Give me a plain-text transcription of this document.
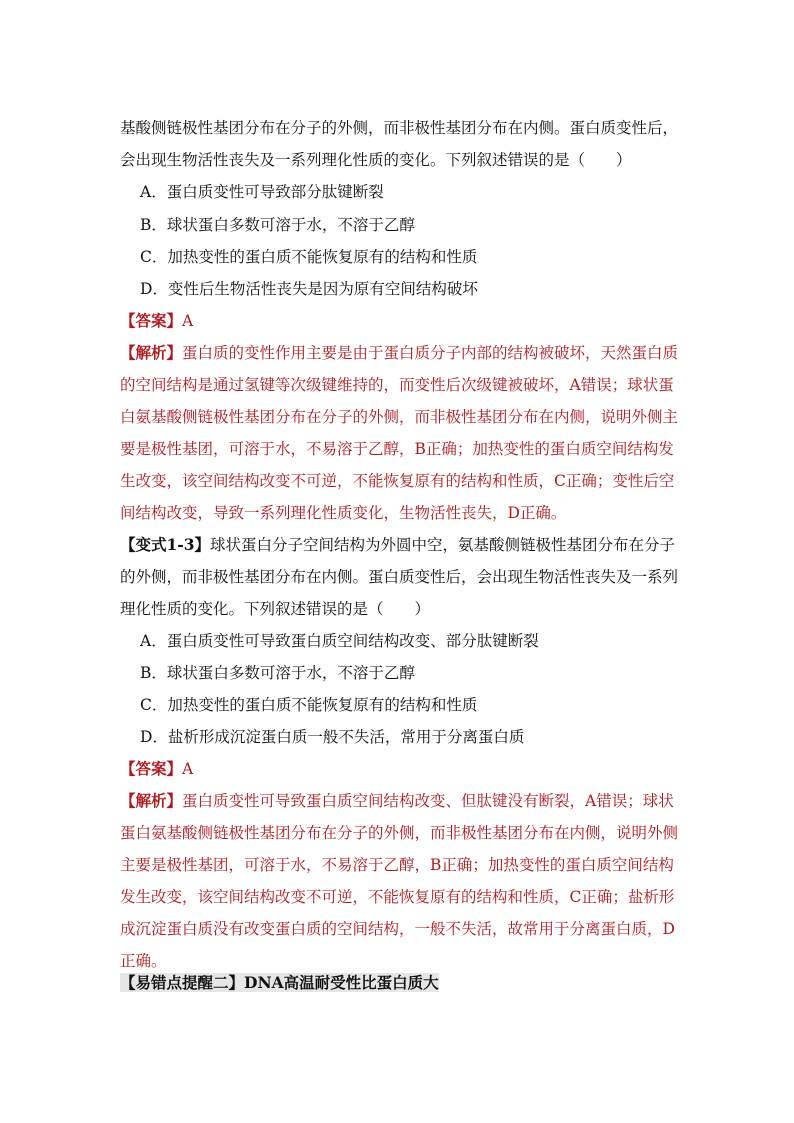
基酸侧链极性基团分布在分子的外侧，而非极性基团分布在内侧。蛋白质变性后，
会出现生物活性丧失及一系列理化性质的变化。下列叙述错误的是（　　）
A．蛋白质变性可导致部分肽键断裂
B．球状蛋白多数可溶于水，不溶于乙醇
C．加热变性的蛋白质不能恢复原有的结构和性质
D．变性后生物活性丧失是因为原有空间结构破坏
【答案】A
【解析】蛋白质的变性作用主要是由于蛋白质分子内部的结构被破坏，天然蛋白质
的空间结构是通过氢键等次级键维持的，而变性后次级键被破坏，A错误；球状蛋
白氨基酸侧链极性基团分布在分子的外侧，而非极性基团分布在内侧，说明外侧主
要是极性基团，可溶于水，不易溶于乙醇，B正确；加热变性的蛋白质空间结构发
生改变，该空间结构改变不可逆，不能恢复原有的结构和性质，C正确；变性后空
间结构改变，导致一系列理化性质变化，生物活性丧失，D正确。
【变式1-3】球状蛋白分子空间结构为外圆中空，氨基酸侧链极性基团分布在分子
的外侧，而非极性基团分布在内侧。蛋白质变性后，会出现生物活性丧失及一系列
理化性质的变化。下列叙述错误的是（　　）
A．蛋白质变性可导致蛋白质空间结构改变、部分肽键断裂
B．球状蛋白多数可溶于水，不溶于乙醇
C．加热变性的蛋白质不能恢复原有的结构和性质
D．盐析形成沉淀蛋白质一般不失活，常用于分离蛋白质
【答案】A
【解析】蛋白质变性可导致蛋白质空间结构改变、但肽键没有断裂，A错误；球状
蛋白氨基酸侧链极性基团分布在分子的外侧，而非极性基团分布在内侧，说明外侧
主要是极性基团，可溶于水，不易溶于乙醇，B正确；加热变性的蛋白质空间结构
发生改变，该空间结构改变不可逆，不能恢复原有的结构和性质，C正确；盐析形
成沉淀蛋白质没有改变蛋白质的空间结构，一般不失活，故常用于分离蛋白质，D
正确。
【易错点提醒二】DNA高温耐受性比蛋白质大
